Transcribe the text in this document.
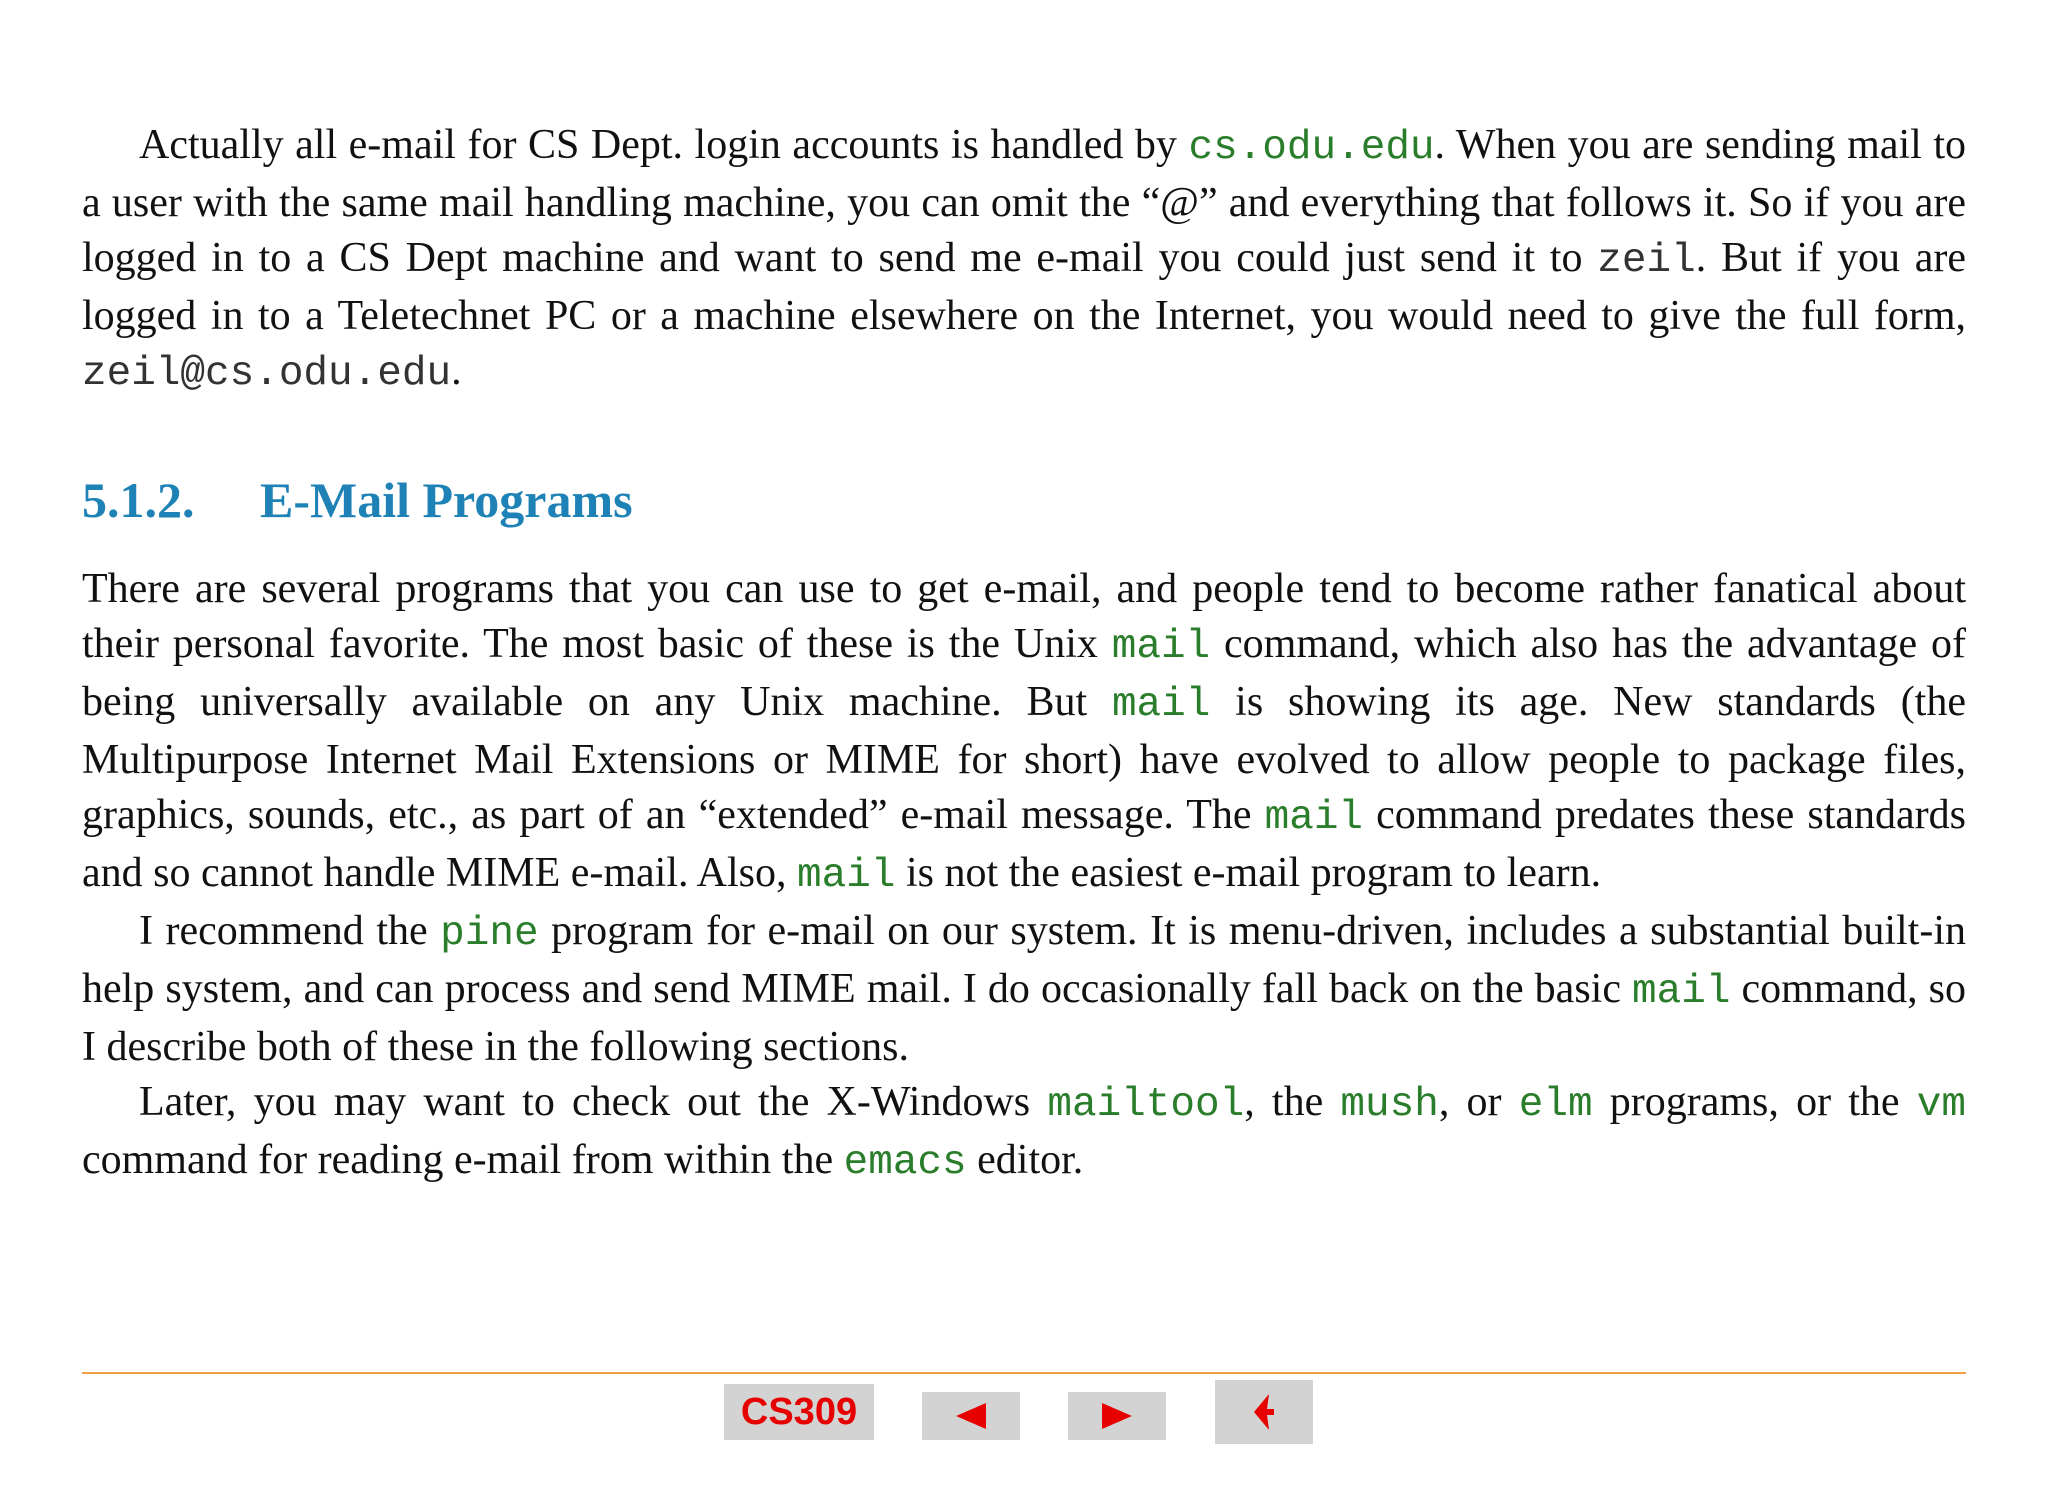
Actually all e-mail for CS Dept. login accounts is handled by cs.odu.edu. When you are sending mail to a user with the same mail handling machine, you can omit the “@” and everything that follows it. So if you are logged in to a CS Dept machine and want to send me e-mail you could just send it to zeil. But if you are logged in to a Teletechnet PC or a machine elsewhere on the Internet, you would need to give the full form, zeil@cs.odu.edu.

5.1.2. E-Mail Programs

There are several programs that you can use to get e-mail, and people tend to become rather fanatical about their personal favorite. The most basic of these is the Unix mail command, which also has the advantage of being universally available on any Unix machine. But mail is showing its age. New standards (the Multipurpose Internet Mail Extensions or MIME for short) have evolved to allow people to package files, graphics, sounds, etc., as part of an “extended” e-mail message. The mail command predates these standards and so cannot handle MIME e-mail. Also, mail is not the easiest e-mail program to learn.

I recommend the pine program for e-mail on our system. It is menu-driven, includes a substantial built-in help system, and can process and send MIME mail. I do occasionally fall back on the basic mail command, so I describe both of these in the following sections.

Later, you may want to check out the X-Windows mailtool, the mush, or elm programs, or the vm command for reading e-mail from within the emacs editor.

CS309
